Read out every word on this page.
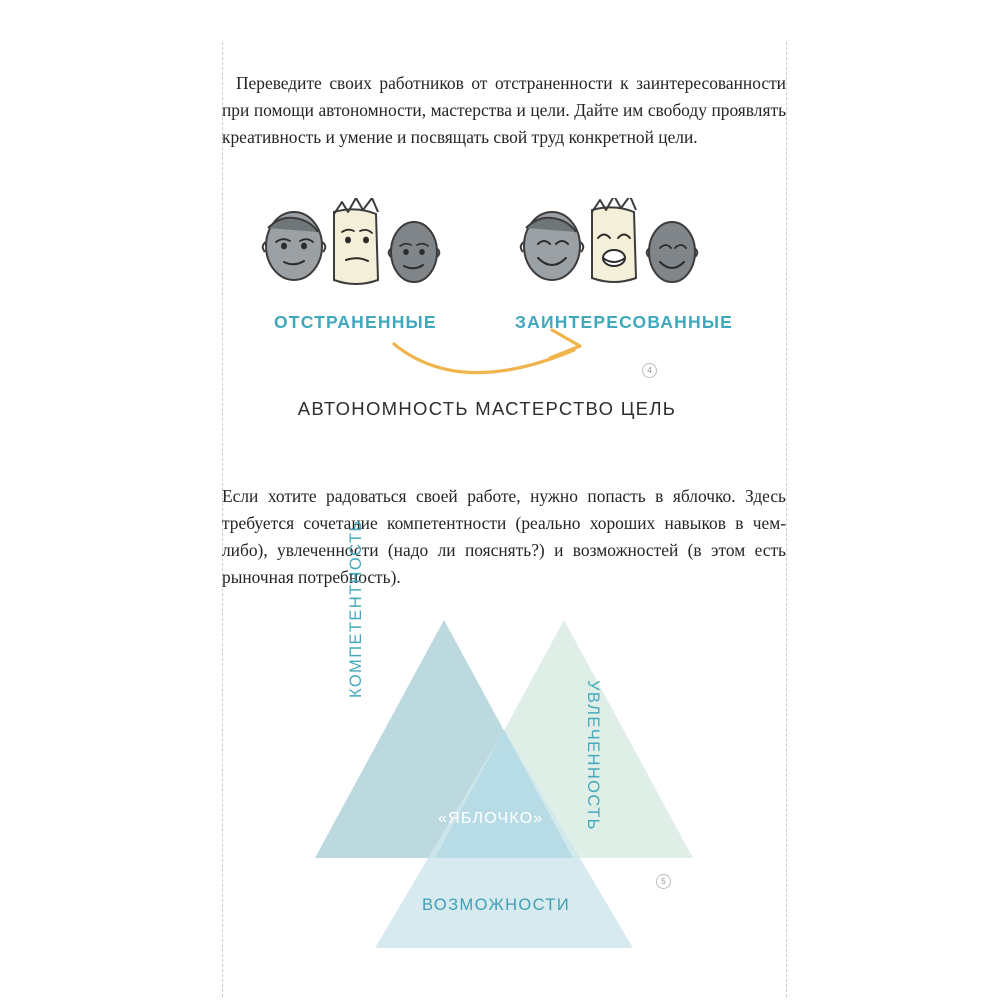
Переведите своих работников от отстраненности к заинтересованности при помощи автономности, мастерства и цели. Дайте им свободу проявлять креативность и умение и посвящать свой труд конкретной цели.

ОТСТРАНЕННЫЕ	ЗАИНТЕРЕСОВАННЫЕ
АВТОНОМНОСТЬ МАСТЕРСТВО ЦЕЛЬ
4

Если хотите радоваться своей работе, нужно попасть в яблочко. Здесь требуется сочетание компетентности (реально хороших навыков в чем-либо), увлеченности (надо ли пояснять?) и возможностей (в этом есть рыночная потребность).

КОМПЕТЕНТНОСТЬ
УВЛЕЧЕННОСТЬ
ВОЗМОЖНОСТИ
«ЯБЛОЧКО»
5
